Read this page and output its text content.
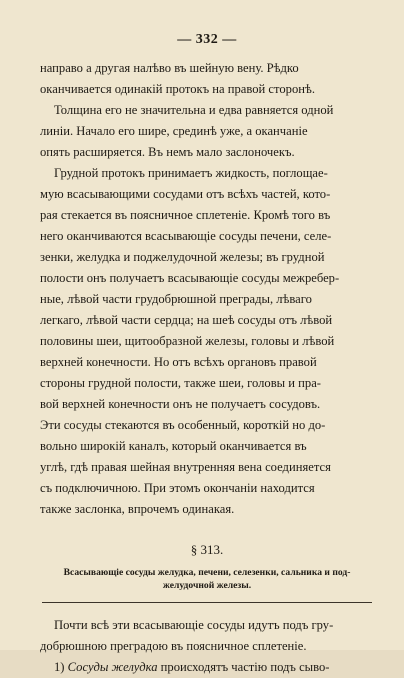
— 332 —
направо а другая налѣво въ шейную вену. Рѣдко
оканчивается одинакій протокъ на правой сторонѣ.
Толщина его не значительна и едва равняется одной
линіи. Начало его шире, срединѣ уже, а оканчаніе
опять расширяется. Въ немъ мало заслоночекъ.
Грудной протокъ принимаетъ жидкость, поглощае-
мую всасывающими сосудами отъ всѣхъ частей, кото-
рая стекается въ поясничное сплетеніе. Кромѣ того въ
него оканчиваются всасывающіе сосуды печени, селе-
зенки, желудка и поджелудочной железы; въ грудной
полости онъ получаетъ всасывающіе сосуды межребер-
ные, лѣвой части грудобрюшной преграды, лѣваго
легкаго, лѣвой части сердца; на шеѣ сосуды отъ лѣвой
половины шеи, щитообразной железы, головы и лѣвой
верхней конечности. Но отъ всѣхъ органовъ правой
стороны грудной полости, также шеи, головы и пра-
вой верхней конечности онъ не получаетъ сосудовъ.
Эти сосуды стекаются въ особенный, короткій но до-
вольно широкій каналъ, который оканчивается въ
углѣ, гдѣ правая шейная внутренняя вена соединяется
съ подключичною. При этомъ окончаніи находится
также заслонка, впрочемъ одинакая.
§ 313.
Всасывающіе сосуды желудка, печени, селезенки, сальника и под-
желудочной железы.
Почти всѣ эти всасывающіе сосуды идутъ подъ гру-
добрюшною преградою въ поясничное сплетеніе.
1) Сосуды желудка происходятъ частію подъ сыво-
